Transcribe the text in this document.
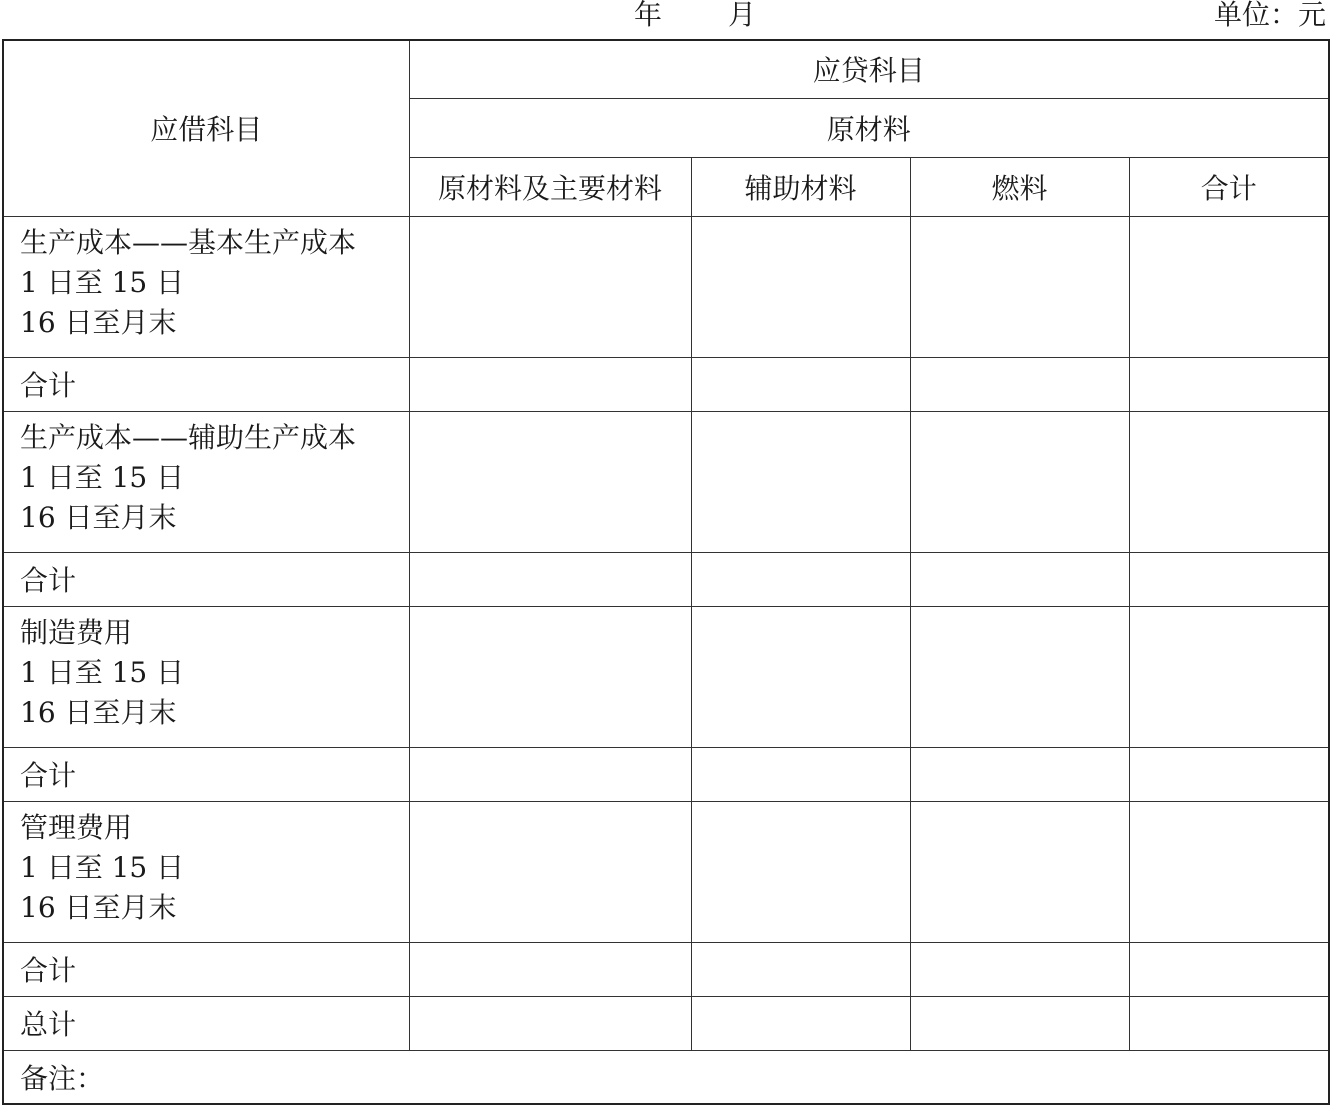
年 月	单位：元
应借科目	应贷科目			
	原材料			
	原材料及主要材料	辅助材料	燃料	合计

生产成本——基本生产成本
1 日至 15 日
16 日至月末				

合计				

生产成本——辅助生产成本
1 日至 15 日
16 日至月末				

合计				

制造费用
1 日至 15 日
16 日至月末				

合计				

管理费用
1 日至 15 日
16 日至月末				

合计				
总计				
备注：				
